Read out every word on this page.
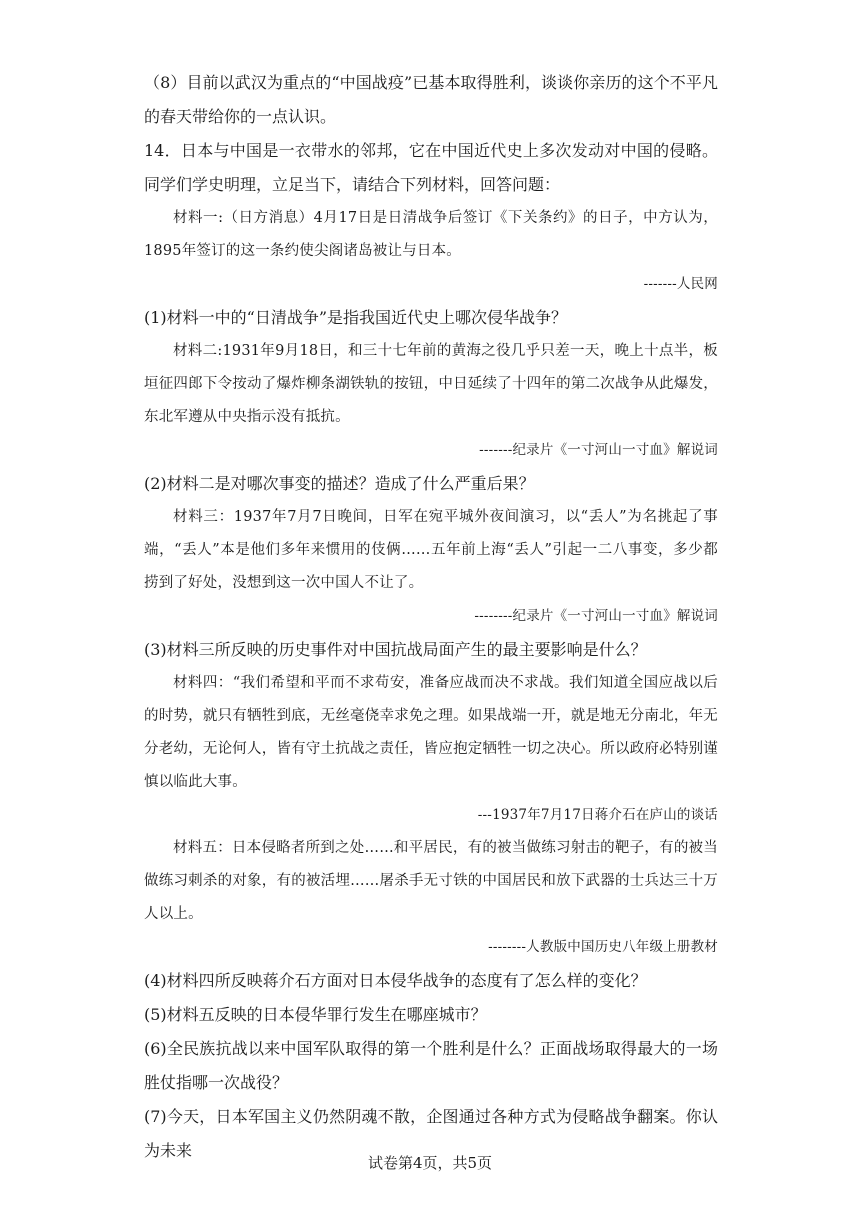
（8）目前以武汉为重点的“中国战疫”已基本取得胜利，谈谈你亲历的这个不平凡的春天带给你的一点认识。

14．日本与中国是一衣带水的邻邦，它在中国近代史上多次发动对中国的侵略。同学们学史明理，立足当下，请结合下列材料，回答问题：

材料一:（日方消息）4月17日是日清战争后签订《下关条约》的日子，中方认为，1895年签订的这一条约使尖阁诸岛被让与日本。

-------人民网

(1)材料一中的“日清战争”是指我国近代史上哪次侵华战争？

材料二:1931年9月18日，和三十七年前的黄海之役几乎只差一天，晚上十点半，板垣征四郎下令按动了爆炸柳条湖铁轨的按钮，中日延续了十四年的第二次战争从此爆发，东北军遵从中央指示没有抵抗。

-------纪录片《一寸河山一寸血》解说词

(2)材料二是对哪次事变的描述？造成了什么严重后果？

材料三：1937年7月7日晚间，日军在宛平城外夜间演习，以“丢人”为名挑起了事端，“丢人”本是他们多年来惯用的伎俩……五年前上海“丢人”引起一二八事变，多少都捞到了好处，没想到这一次中国人不让了。

--------纪录片《一寸河山一寸血》解说词

(3)材料三所反映的历史事件对中国抗战局面产生的最主要影响是什么？

材料四：“我们希望和平而不求苟安，准备应战而决不求战。我们知道全国应战以后的时势，就只有牺牲到底，无丝毫侥幸求免之理。如果战端一开，就是地无分南北，年无分老幼，无论何人，皆有守土抗战之责任，皆应抱定牺牲一切之决心。所以政府必特别谨慎以临此大事。

---1937年7月17日蒋介石在庐山的谈话

材料五：日本侵略者所到之处……和平居民，有的被当做练习射击的靶子，有的被当做练习刺杀的对象，有的被活埋……屠杀手无寸铁的中国居民和放下武器的士兵达三十万人以上。

--------人教版中国历史八年级上册教材

(4)材料四所反映蒋介石方面对日本侵华战争的态度有了怎么样的变化？

(5)材料五反映的日本侵华罪行发生在哪座城市？

(6)全民族抗战以来中国军队取得的第一个胜利是什么？正面战场取得最大的一场胜仗指哪一次战役？

(7)今天，日本军国主义仍然阴魂不散，企图通过各种方式为侵略战争翻案。你认为未来

试卷第4页，共5页
